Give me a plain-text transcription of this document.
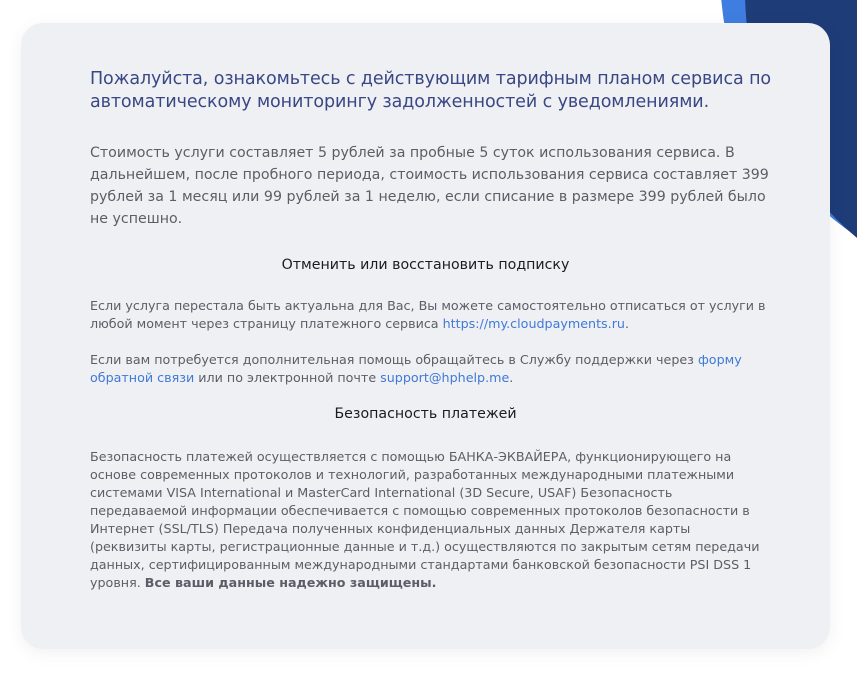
Пожалуйста, ознакомьтесь с действующим тарифным планом сервиса по автоматическому мониторингу задолженностей с уведомлениями.

Стоимость услуги составляет 5 рублей за пробные 5 суток использования сервиса. В дальнейшем, после пробного периода, стоимость использования сервиса составляет 399 рублей за 1 месяц или 99 рублей за 1 неделю, если списание в размере 399 рублей было не успешно.

Отменить или восстановить подписку

Если услуга перестала быть актуальна для Вас, Вы можете самостоятельно отписаться от услуги в любой момент через страницу платежного сервиса https://my.cloudpayments.ru.

Если вам потребуется дополнительная помощь обращайтесь в Службу поддержки через форму обратной связи или по электронной почте support@hphelp.me.

Безопасность платежей

Безопасность платежей осуществляется с помощью БАНКА-ЭКВАЙЕРА, функционирующего на основе современных протоколов и технологий, разработанных международными платежными системами VISA International и MasterCard International (3D Secure, USAF) Безопасность передаваемой информации обеспечивается с помощью современных протоколов безопасности в Интернет (SSL/TLS) Передача полученных конфиденциальных данных Держателя карты (реквизиты карты, регистрационные данные и т.д.) осуществляются по закрытым сетям передачи данных, сертифицированным международными стандартами банковской безопасности PSI DSS 1 уровня. Все ваши данные надежно защищены.
